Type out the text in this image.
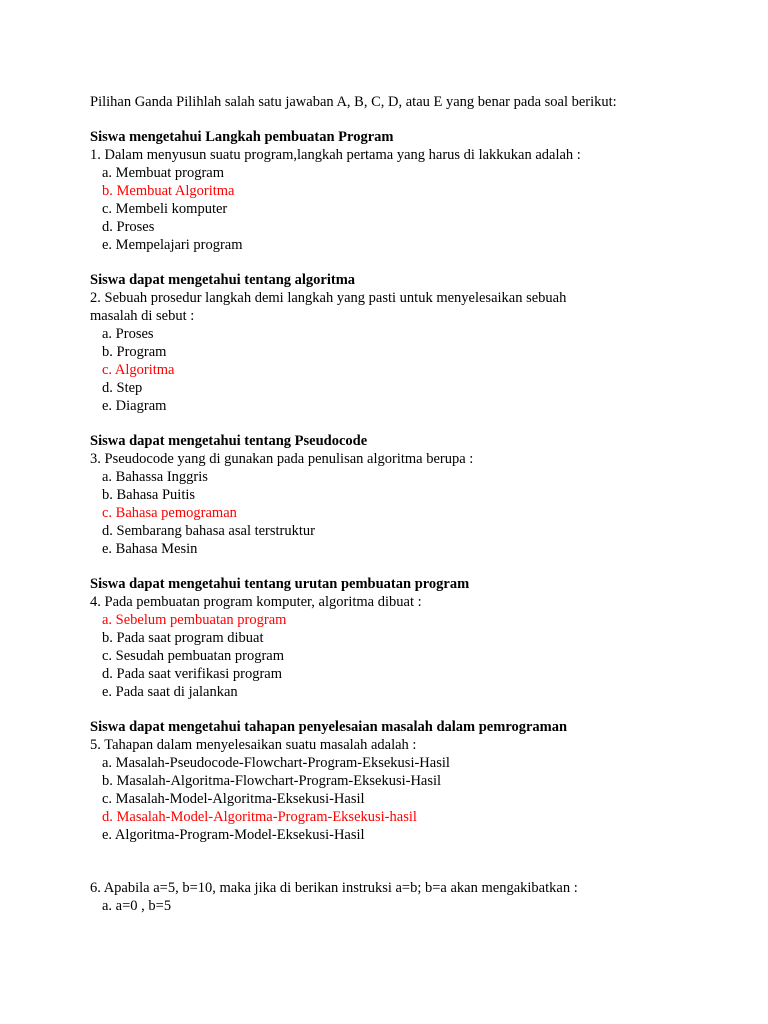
Pilihan Ganda Pilihlah salah satu jawaban A, B, C, D, atau E yang benar pada soal berikut:
Siswa mengetahui Langkah pembuatan Program
1. Dalam menyusun suatu program,langkah pertama yang harus di lakkukan adalah :
a. Membuat program
b. Membuat Algoritma
c. Membeli komputer
d. Proses
e. Mempelajari program
Siswa dapat mengetahui tentang algoritma
2. Sebuah prosedur langkah demi langkah yang pasti untuk menyelesaikan sebuah
masalah di sebut :
a. Proses
b. Program
c. Algoritma
d. Step
e. Diagram
Siswa dapat mengetahui tentang Pseudocode
3. Pseudocode yang di gunakan pada penulisan algoritma berupa :
a. Bahassa Inggris
b. Bahasa Puitis
c. Bahasa pemograman
d. Sembarang bahasa asal terstruktur
e. Bahasa Mesin
Siswa dapat mengetahui tentang urutan pembuatan program
4. Pada pembuatan program komputer, algoritma dibuat :
a. Sebelum pembuatan program
b. Pada saat program dibuat
c. Sesudah pembuatan program
d. Pada saat verifikasi program
e. Pada saat di jalankan
Siswa dapat mengetahui tahapan penyelesaian masalah dalam pemrograman
5. Tahapan dalam menyelesaikan suatu masalah adalah :
a. Masalah-Pseudocode-Flowchart-Program-Eksekusi-Hasil
b. Masalah-Algoritma-Flowchart-Program-Eksekusi-Hasil
c. Masalah-Model-Algoritma-Eksekusi-Hasil
d. Masalah-Model-Algoritma-Program-Eksekusi-hasil
e. Algoritma-Program-Model-Eksekusi-Hasil
6. Apabila a=5, b=10, maka jika di berikan instruksi a=b; b=a akan mengakibatkan :
a. a=0 , b=5
